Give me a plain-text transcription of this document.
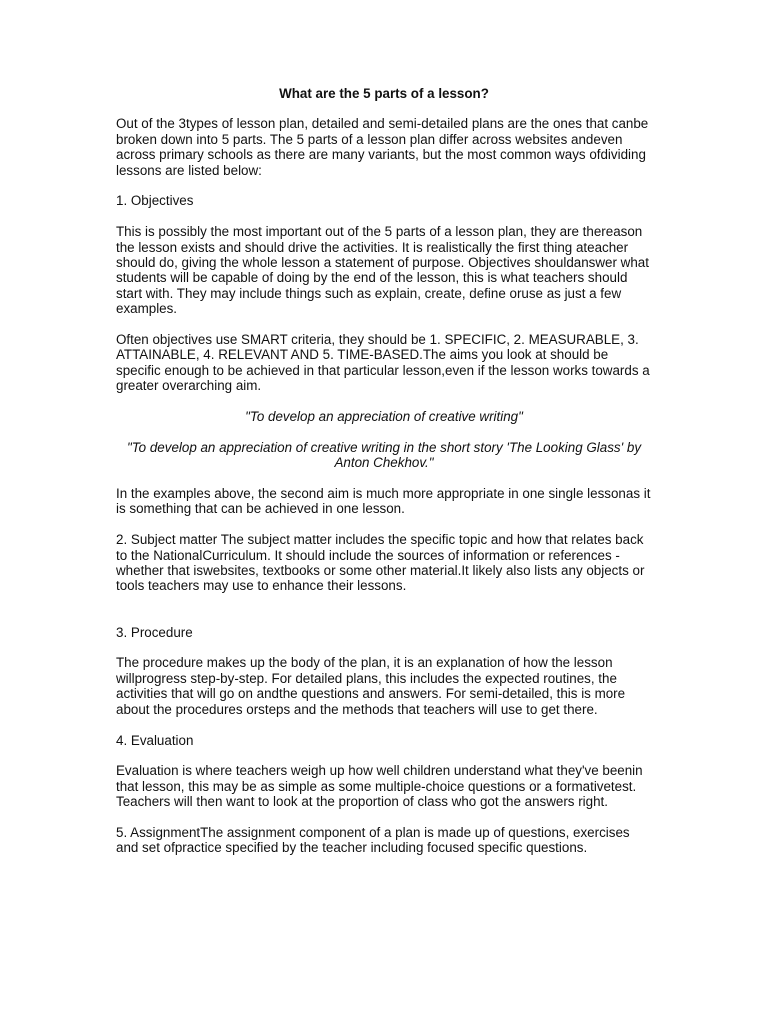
What are the 5 parts of a lesson?

Out of the 3types of lesson plan, detailed and semi-detailed plans are the ones that canbe broken down into 5 parts. The 5 parts of a lesson plan differ across websites andeven across primary schools as there are many variants, but the most common ways ofdividing lessons are listed below:

1. Objectives

This is possibly the most important out of the 5 parts of a lesson plan, they are thereason the lesson exists and should drive the activities. It is realistically the first thing ateacher should do, giving the whole lesson a statement of purpose. Objectives shouldanswer what students will be capable of doing by the end of the lesson, this is what teachers should start with. They may include things such as explain, create, define oruse as just a few examples.

Often objectives use SMART criteria, they should be 1. SPECIFIC, 2. MEASURABLE, 3. ATTAINABLE, 4. RELEVANT AND 5. TIME-BASED.The aims you look at should be specific enough to be achieved in that particular lesson,even if the lesson works towards a greater overarching aim.

"To develop an appreciation of creative writing"

"To develop an appreciation of creative writing in the short story 'The Looking Glass' by Anton Chekhov."

In the examples above, the second aim is much more appropriate in one single lessonas it is something that can be achieved in one lesson.

2. Subject matter The subject matter includes the specific topic and how that relates back to the NationalCurriculum. It should include the sources of information or references - whether that iswebsites, textbooks or some other material.It likely also lists any objects or tools teachers may use to enhance their lessons.

3. Procedure

The procedure makes up the body of the plan, it is an explanation of how the lesson willprogress step-by-step. For detailed plans, this includes the expected routines, the activities that will go on andthe questions and answers. For semi-detailed, this is more about the procedures orsteps and the methods that teachers will use to get there.

4. Evaluation

Evaluation is where teachers weigh up how well children understand what they've beenin that lesson, this may be as simple as some multiple-choice questions or a formativetest. Teachers will then want to look at the proportion of class who got the answers right.

5. AssignmentThe assignment component of a plan is made up of questions, exercises and set ofpractice specified by the teacher including focused specific questions.
